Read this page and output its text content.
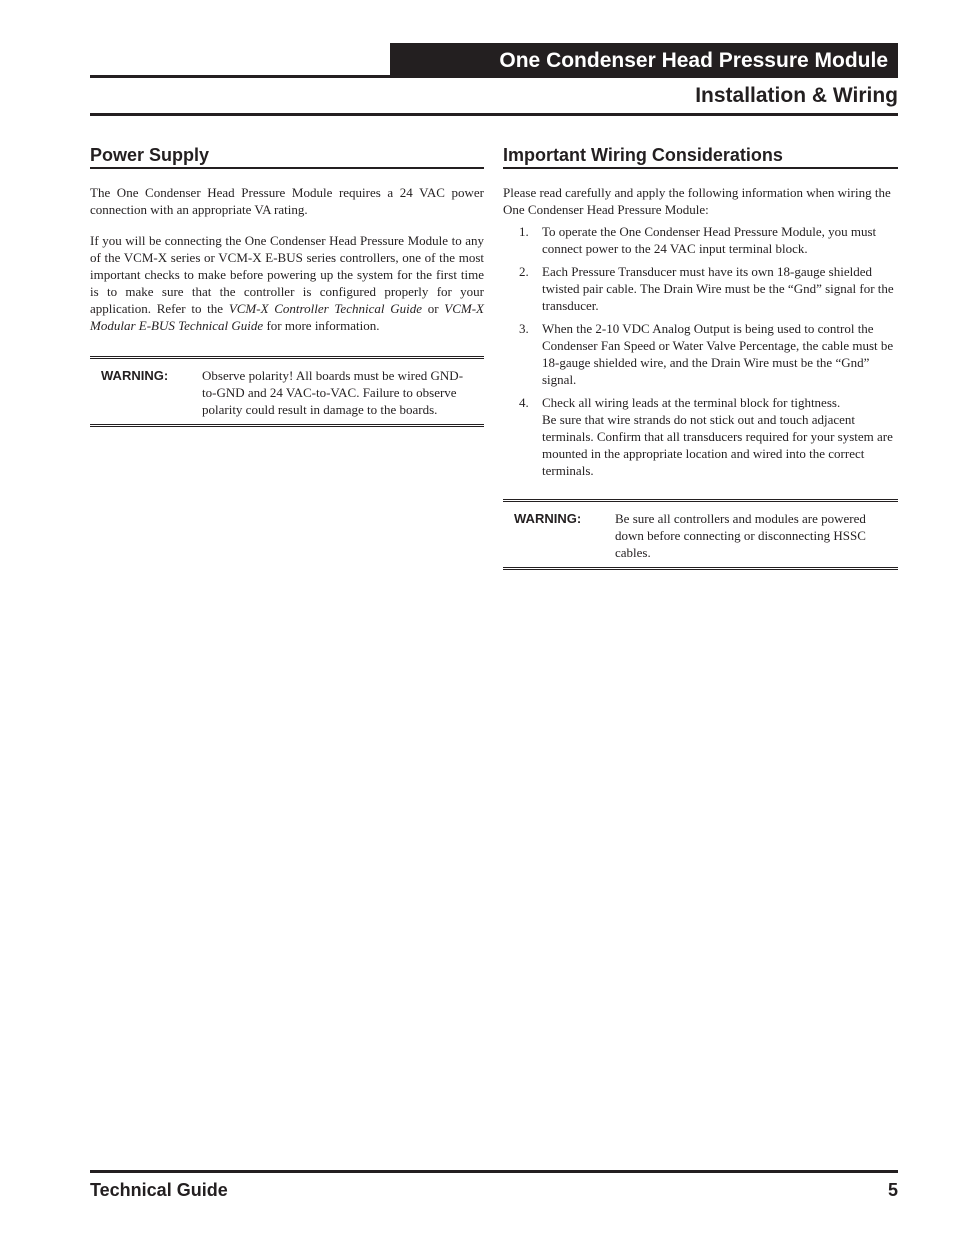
One Condenser Head Pressure Module
Installation & Wiring
Power Supply

The One Condenser Head Pressure Module requires a 24 VAC power connection with an appropriate VA rating.

If you will be connecting the One Condenser Head Pressure Module to any of the VCM-X series or VCM-X E-BUS series controllers, one of the most important checks to make before powering up the system for the first time is to make sure that the controller is configured properly for your application. Refer to the VCM-X Controller Technical Guide or VCM-X Modular E-BUS Technical Guide for more information.

WARNING:	Observe polarity! All boards must be wired GND-to-GND and 24 VAC-to-VAC. Failure to observe polarity could result in damage to the boards.
Important Wiring Considerations

Please read carefully and apply the following information when wiring the One Condenser Head Pressure Module:

1. To operate the One Condenser Head Pressure Module, you must connect power to the 24 VAC input terminal block.
2. Each Pressure Transducer must have its own 18-gauge shielded twisted pair cable. The Drain Wire must be the “Gnd” signal for the transducer.
3. When the 2-10 VDC Analog Output is being used to control the Condenser Fan Speed or Water Valve Percentage, the cable must be 18-gauge shielded wire, and the Drain Wire must be the “Gnd” signal.
4. Check all wiring leads at the terminal block for tightness.
Be sure that wire strands do not stick out and touch adjacent terminals. Confirm that all transducers required for your system are mounted in the appropriate location and wired into the correct terminals.
WARNING:	Be sure all controllers and modules are powered down before connecting or disconnecting HSSC cables.
Technical Guide	5
